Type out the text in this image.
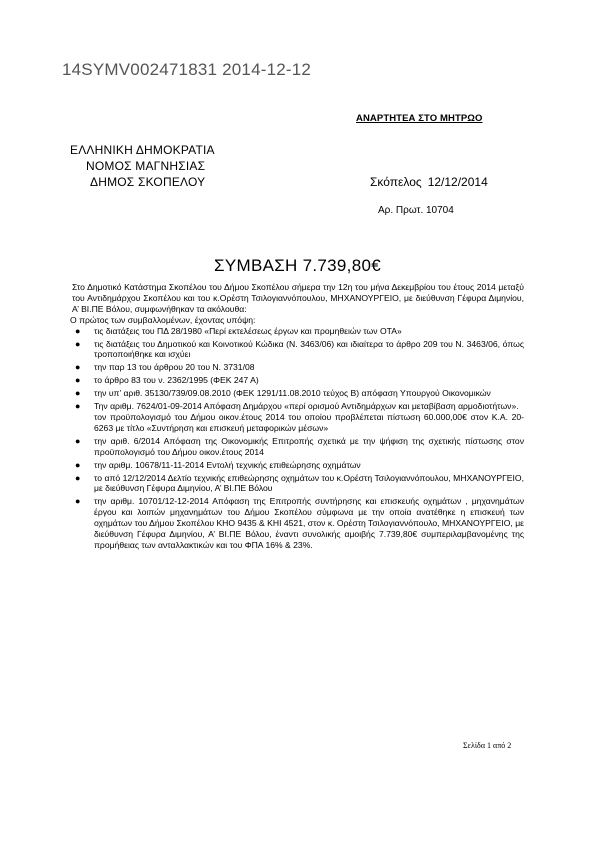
14SYMV002471831 2014-12-12
ΑΝΑΡΤΗΤΕΑ ΣΤΟ ΜΗΤΡΩΟ
ΕΛΛΗΝΙΚΗ ΔΗΜΟΚΡΑΤΙΑ
ΝΟΜΟΣ ΜΑΓΝΗΣΙΑΣ
ΔΗΜΟΣ ΣΚΟΠΕΛΟΥ	Σκόπελος 12/12/2014
Αρ. Πρωτ. 10704
ΣΥΜΒΑΣΗ 7.739,80€

Στο Δημοτικό Κατάστημα Σκοπέλου του Δήμου Σκοπέλου σήμερα την 12η του μήνα Δεκεμβρίου του έτους 2014 μεταξύ του Αντιδημάρχου Σκοπέλου και του κ.Ορέστη Τσιλογιαννόπουλου, ΜΗΧΑΝΟΥΡΓΕΙΟ, με διεύθυνση Γέφυρα Διμηνίου, Α’ ΒΙ.ΠΕ Βόλου, συμφωνήθηκαν τα ακόλουθα:

Ο πρώτος των συμβαλλομένων, έχοντας υπόψη:

● τις διατάξεις του ΠΔ 28/1980 «Περί εκτελέσεως έργων και προμηθειών των ΟΤΑ»
● τις διατάξεις του Δημοτικού και Κοινοτικού Κώδικα (Ν. 3463/06) και ιδιαίτερα το άρθρο 209 του Ν. 3463/06, όπως τροποποιήθηκε και ισχύει
● την παρ 13 του άρθρου 20 του Ν. 3731/08
● το άρθρο 83 του ν. 2362/1995 (ΦΕΚ 247 Α)
● την υπ’ αριθ. 35130/739/09.08.2010 (ΦΕΚ 1291/11.08.2010 τεύχος Β) απόφαση Υπουργού Οικονομικών
● Την αριθμ. 7624/01-09-2014 Απόφαση Δημάρχου «περί ορισμού Αντιδημάρχων και μεταβίβαση αρμοδιοτήτων».
τον προϋπολογισμό του Δήμου οικον.έτους 2014 του οποίου προβλέπεται πίστωση 60.000,00€ στον Κ.Α. 20-6263 με τίτλο «Συντήρηση και επισκευή μεταφορικών μέσων»
● την αριθ. 6/2014 Απόφαση της Οικονομικής Επιτροπής σχετικά με την ψήφιση της σχετικής πίστωσης στον προϋπολογισμό του Δήμου οικον.έτους 2014
● την αριθμ. 10678/11-11-2014 Εντολή τεχνικής επιθεώρησης οχημάτων
● το από 12/12/2014 Δελτίο τεχνικής επιθεώρησης οχημάτων του κ.Ορέστη Τσιλογιαννόπουλου, ΜΗΧΑΝΟΥΡΓΕΙΟ, με διεύθυνση Γέφυρα Διμηνίου, Α’ ΒΙ.ΠΕ Βόλου
● την αριθμ. 10701/12-12-2014 Απόφαση της Επιτροπής συντήρησης και επισκευής οχημάτων , μηχανημάτων έργου και λοιπών μηχανημάτων του Δήμου Σκοπέλου σύμφωνα με την οποία ανατέθηκε η επισκευή των οχημάτων του Δήμου Σκοπέλου ΚΗΟ 9435 & ΚΗΙ 4521, στον κ. Ορέστη Τσιλογιαννόπουλο, ΜΗΧΑΝΟΥΡΓΕΙΟ, με διεύθυνση Γέφυρα Διμηνίου, Α’ ΒΙ.ΠΕ Βόλου, έναντι συνολικής αμοιβής 7.739,80€ συμπεριλαμβανομένης της προμήθειας των ανταλλακτικών και του ΦΠΑ 16% & 23%.
Σελίδα 1 από 2
